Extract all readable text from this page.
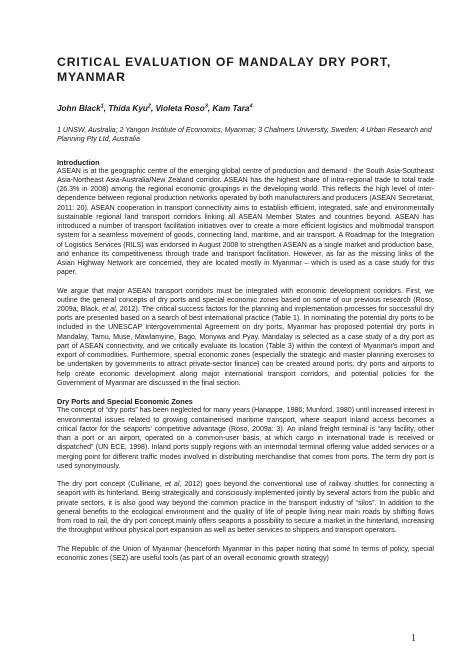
CRITICAL EVALUATION OF MANDALAY DRY PORT, MYANMAR

John Black$^1$, Thida Kyu$^2$, Violeta Roso$^3$, Kam Tara$^4$

1 UNSW, Australia; 2 Yangon Institute of Economics, Myanmar; 3 Chalmers University, Sweden; 4 Urban Research and Planning Pty Ltd, Australia

Introduction

ASEAN is at the geographic centre of the emerging global centre of production and demand - the South Asia-Southeast Asia-Northeast Asia-Australia/New Zealand corridor. ASEAN has the highest share of intra-regional trade to total trade (26.3% in 2008) among the regional economic groupings in the developing world. This reflects the high level of inter-dependence between regional production networks operated by both manufacturers and producers (ASEAN Secretariat, 2011: 20). ASEAN cooperation in transport connectivity aims to establish efficient, integrated, safe and environmentally sustainable regional land transport corridors linking all ASEAN Member States and countries beyond. ASEAN has introduced a number of transport facilitation initiatives over to create a more efficient logistics and multimodal transport system for a seamless movement of goods, connecting land, maritime, and air transport. A Roadmap for the Integration of Logistics Services (RILS) was endorsed in August 2008 to strengthen ASEAN as a single market and production base, and enhance its competitiveness through trade and transport facilitation. However, as far as the missing links of the Asian Highway Network are concerned, they are located mostly in Myanmar – which is used as a case study for this paper.

We argue that major ASEAN transport corridors must be integrated with economic development corridors. First, we outline the general concepts of dry ports and special economic zones based on some of our previous research (Roso, 2009a; Black, et al, 2012). The critical success factors for the planning and implementation processes for successful dry ports are presented based on a search of best international practice (Table 1). In nominating the potential dry ports to be included in the UNESCAP Intergovernmental Agreement on dry ports, Myanmar has proposed potential dry ports in Mandalay, Tamu, Muse, Mawlamyine, Bago, Monywa and Pyay. Mandalay is selected as a case study of a dry port as part of ASEAN connectivity, and we critically evaluate its location (Table 3) within the context of Myanmar's import and export of commodities. Furthermore, special economic zones (especially the strategic and master planning exercises to be undertaken by governments to attract private-sector finance) can be created around ports, dry ports and airports to help create economic development along major international transport corridors, and potential policies for the Government of Myanmar are discussed in the final section.

Dry Ports and Special Economic Zones

The concept of “dry ports” has been neglected for many years (Hanappe, 1986; Munford, 1980) until increased interest in environmental issues related to growing containerised maritime transport, where seaport inland access becomes a critical factor for the seaports' competitive advantage (Roso, 2009a: 3). An inland freight terminal is “any facility, other than a port or an airport, operated on a common-user basis, at which cargo in international trade is received or dispatched” (UN ECE, 1998). Inland ports supply regions with an intermodal terminal offering value added services or a merging point for different traffic modes involved in distributing merchandise that comes from ports. The term dry port is used synonymously.

The dry port concept (Cullinane, et al, 2012) goes beyond the conventional use of railway shuttles for connecting a seaport with its hinterland. Being strategically and consciously implemented jointly by several actors from the public and private sectors, it is also good way beyond the common practice in the transport industry of “silos”. In addition to the general benefits to the ecological environment and the quality of life of people living near main roads by shifting flows from road to rail, the dry port concept mainly offers seaports a possibility to secure a market in the hinterland, increasing the throughput without physical port expansion as well as better services to shippers and transport operators.

The Republic of the Union of Myanmar (henceforth Myanmar in this paper noting that some In terms of policy, special economic zones (SEZ) are useful tools (as part of an overall economic growth strategy)

1
